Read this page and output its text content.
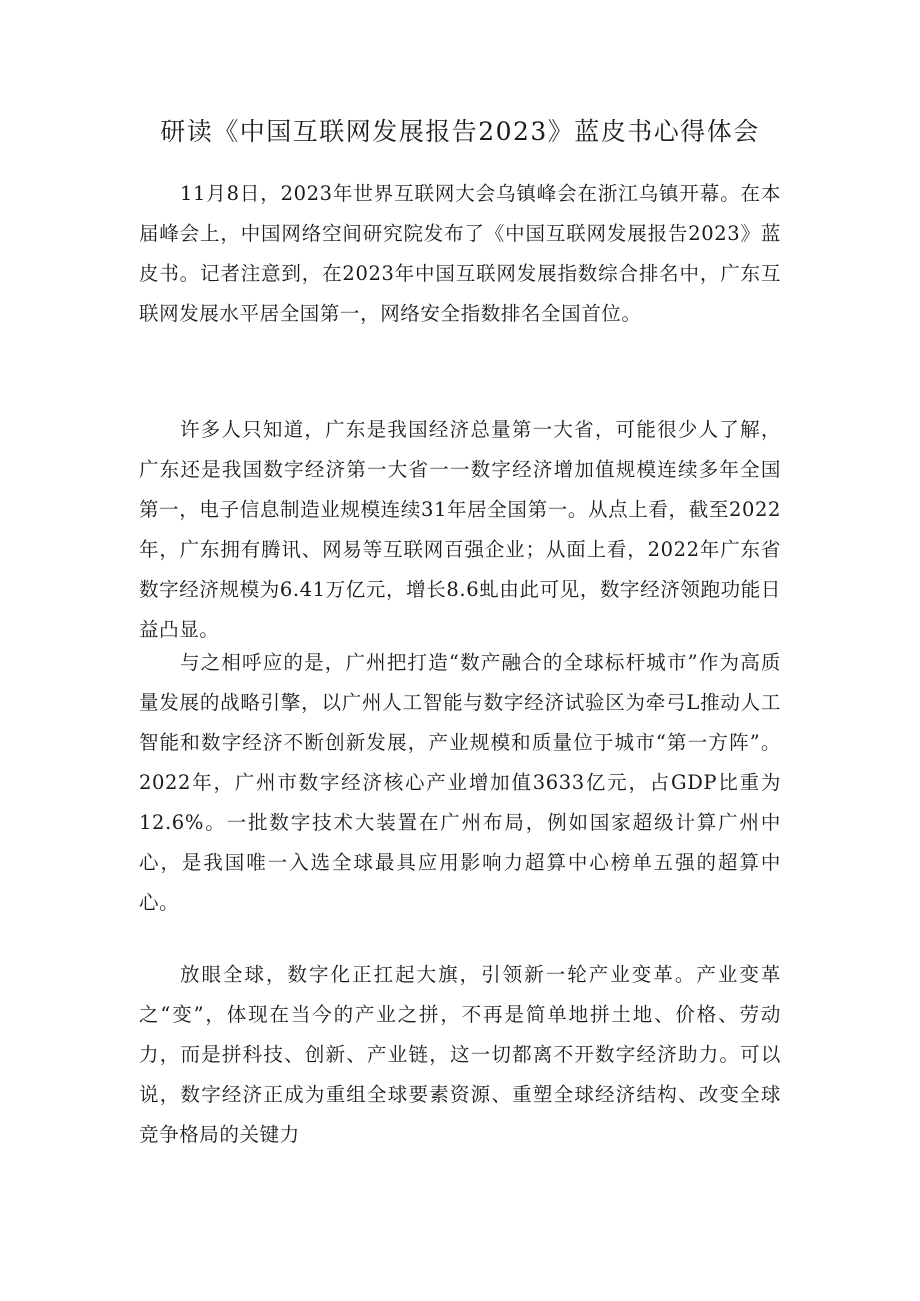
研读《中国互联网发展报告2023》蓝皮书心得体会

11月8日，2023年世界互联网大会乌镇峰会在浙江乌镇开幕。在本届峰会上，中国网络空间研究院发布了《中国互联网发展报告2023》蓝皮书。记者注意到，在2023年中国互联网发展指数综合排名中，广东互联网发展水平居全国第一，网络安全指数排名全国首位。

许多人只知道，广东是我国经济总量第一大省，可能很少人了解，广东还是我国数字经济第一大省一一数字经济增加值规模连续多年全国第一，电子信息制造业规模连续31年居全国第一。从点上看，截至2022年，广东拥有腾讯、网易等互联网百强企业；从面上看，2022年广东省数字经济规模为6.41万亿元，增长8.6虬由此可见，数字经济领跑功能日益凸显。

与之相呼应的是，广州把打造“数产融合的全球标杆城市”作为高质量发展的战略引擎，以广州人工智能与数字经济试验区为牵弓L推动人工智能和数字经济不断创新发展，产业规模和质量位于城市“第一方阵”。2022年，广州市数字经济核心产业增加值3633亿元，占GDP比重为12.6%。一批数字技术大装置在广州布局，例如国家超级计算广州中心，是我国唯一入选全球最具应用影响力超算中心榜单五强的超算中心。

放眼全球，数字化正扛起大旗，引领新一轮产业变革。产业变革之“变”，体现在当今的产业之拼，不再是简单地拼土地、价格、劳动力，而是拼科技、创新、产业链，这一切都离不开数字经济助力。可以说，数字经济正成为重组全球要素资源、重塑全球经济结构、改变全球竞争格局的关键力
